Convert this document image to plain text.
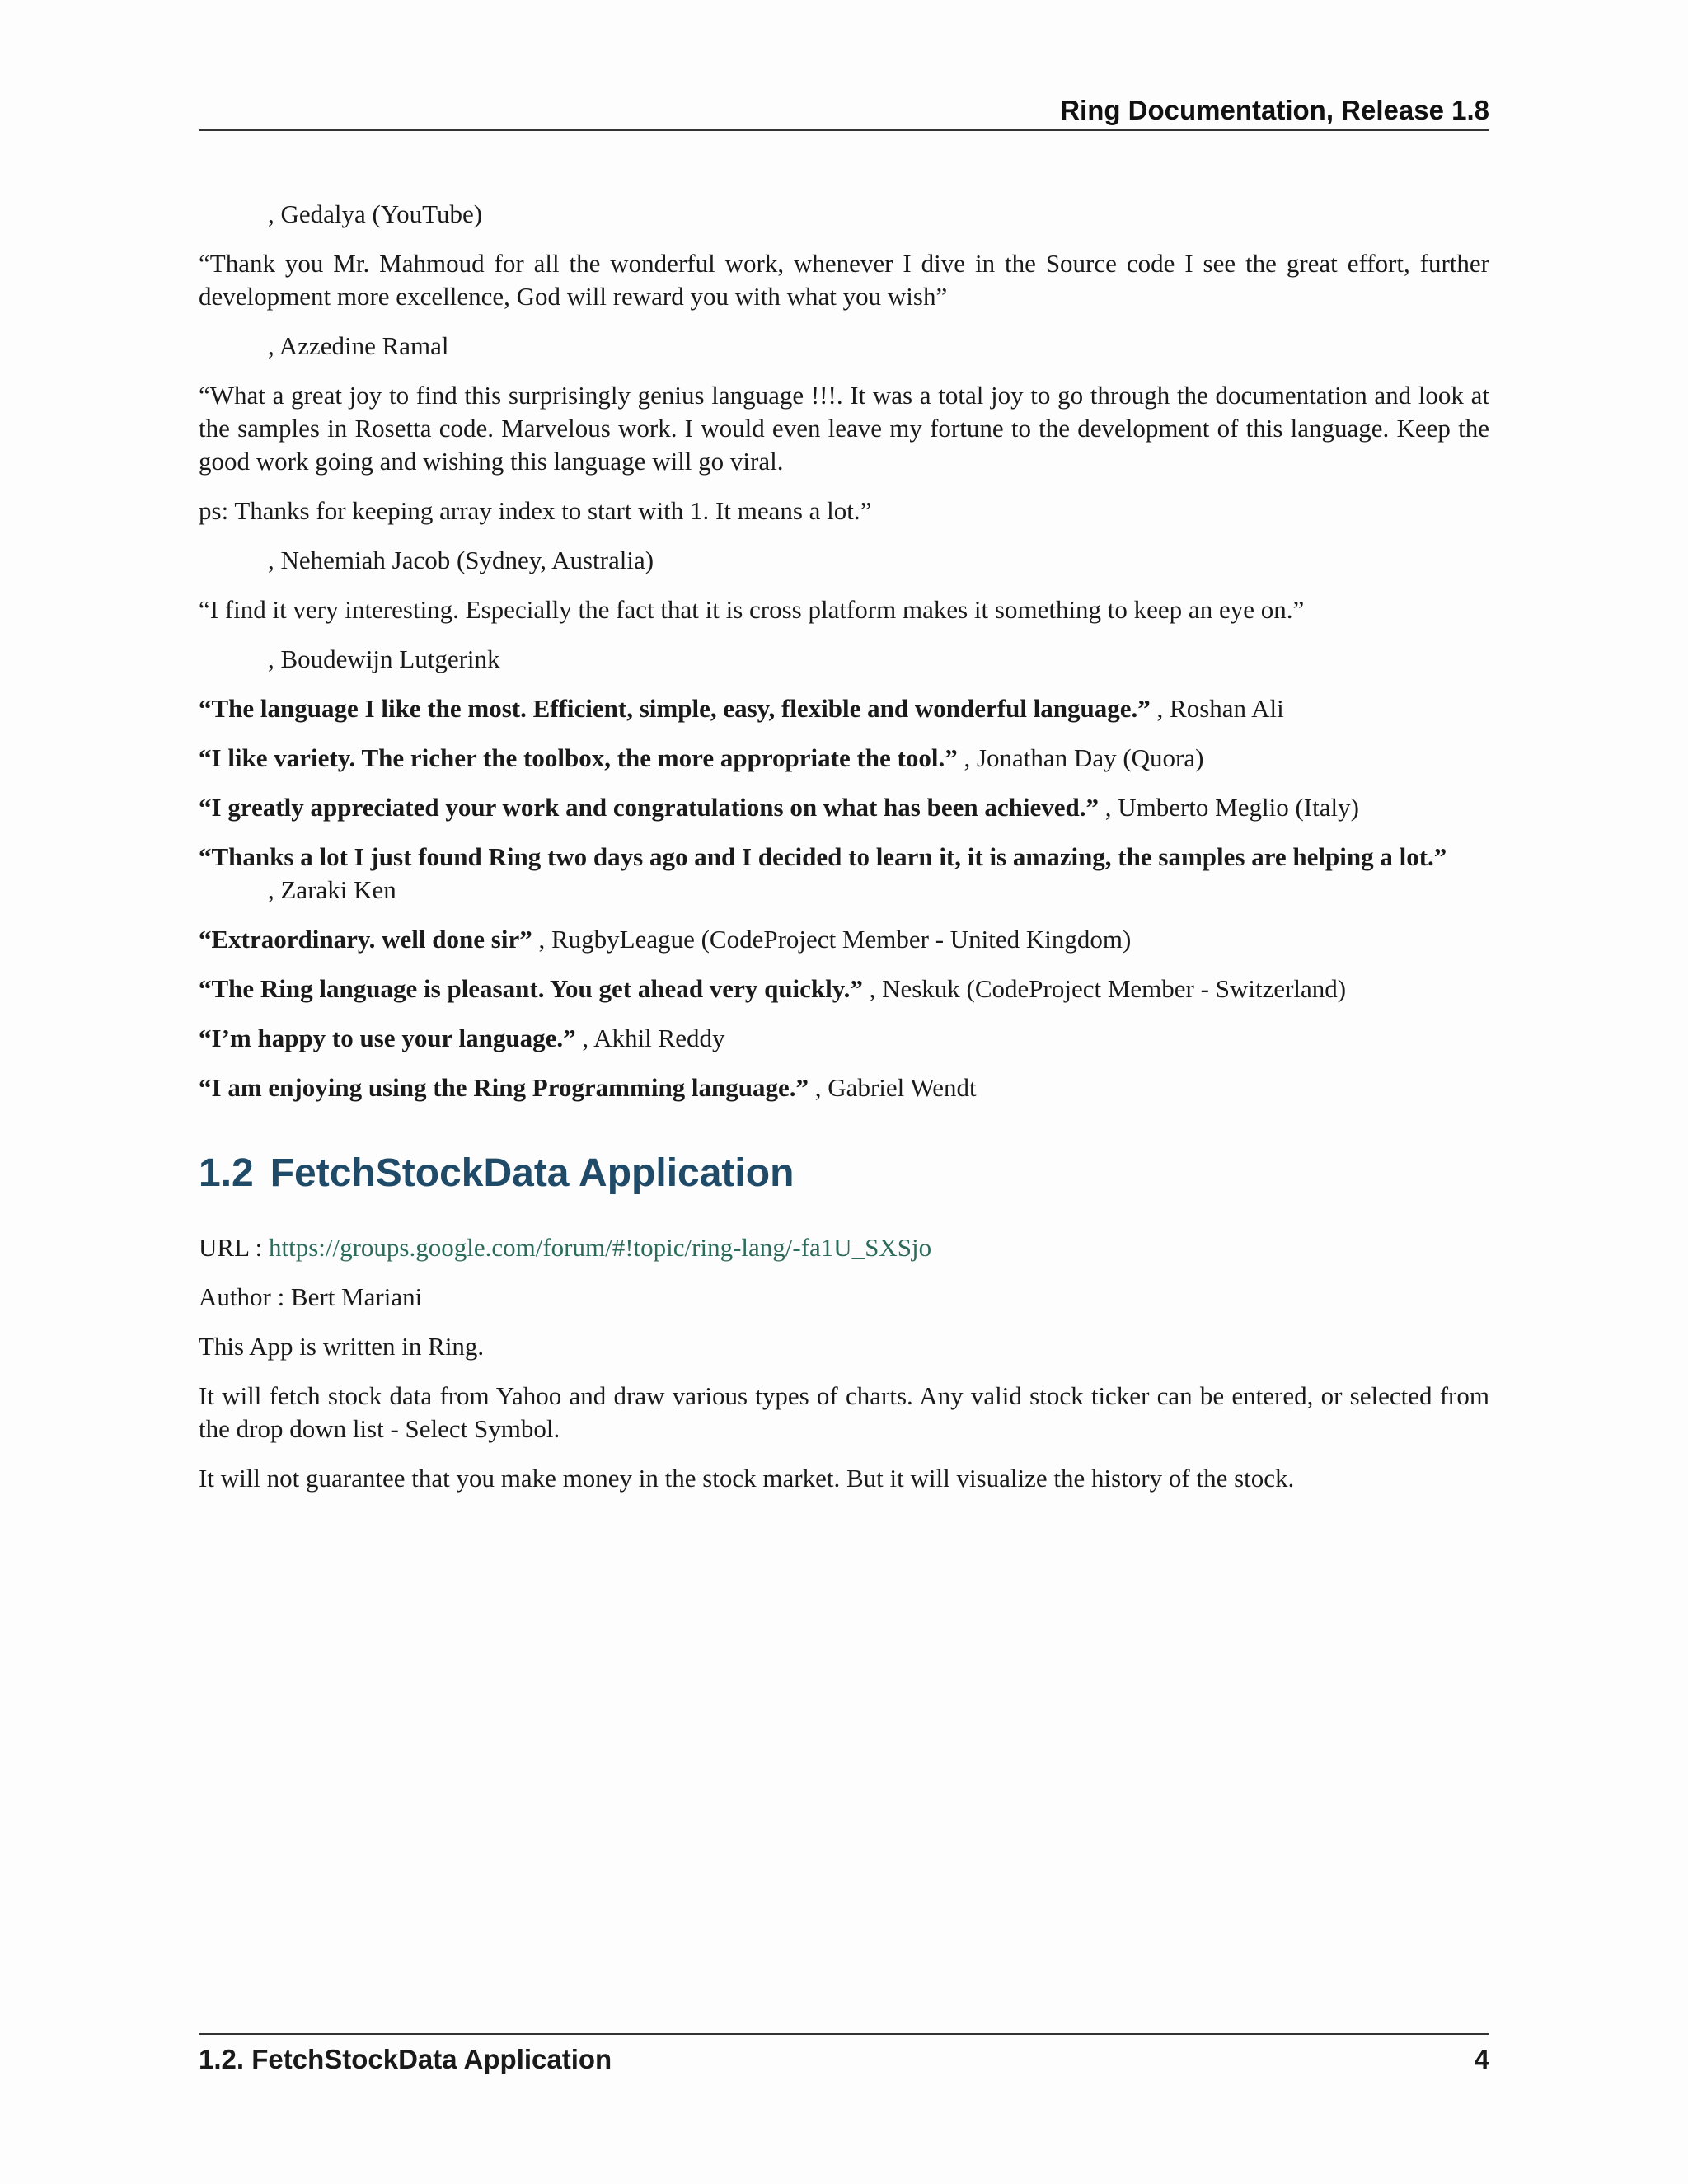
Ring Documentation, Release 1.8

, Gedalya (YouTube)

“Thank you Mr. Mahmoud for all the wonderful work, whenever I dive in the Source code I see the great effort, further development more excellence, God will reward you with what you wish”

, Azzedine Ramal

“What a great joy to find this surprisingly genius language !!!. It was a total joy to go through the documentation and look at the samples in Rosetta code. Marvelous work. I would even leave my fortune to the development of this language. Keep the good work going and wishing this language will go viral.

ps: Thanks for keeping array index to start with 1. It means a lot.”

, Nehemiah Jacob (Sydney, Australia)

“I find it very interesting. Especially the fact that it is cross platform makes it something to keep an eye on.”

, Boudewijn Lutgerink

“The language I like the most. Efficient, simple, easy, flexible and wonderful language.” , Roshan Ali

“I like variety. The richer the toolbox, the more appropriate the tool.” , Jonathan Day (Quora)

“I greatly appreciated your work and congratulations on what has been achieved.” , Umberto Meglio (Italy)

“Thanks a lot I just found Ring two days ago and I decided to learn it, it is amazing, the samples are helping a lot.”
, Zaraki Ken

“Extraordinary. well done sir” , RugbyLeague (CodeProject Member - United Kingdom)

“The Ring language is pleasant. You get ahead very quickly.” , Neskuk (CodeProject Member - Switzerland)

“I’m happy to use your language.” , Akhil Reddy

“I am enjoying using the Ring Programming language.” , Gabriel Wendt

1.2 FetchStockData Application

URL : https://groups.google.com/forum/#!topic/ring-lang/-fa1U_SXSjo

Author : Bert Mariani

This App is written in Ring.

It will fetch stock data from Yahoo and draw various types of charts. Any valid stock ticker can be entered, or selected from the drop down list - Select Symbol.

It will not guarantee that you make money in the stock market. But it will visualize the history of the stock.

1.2. FetchStockData Application	4
